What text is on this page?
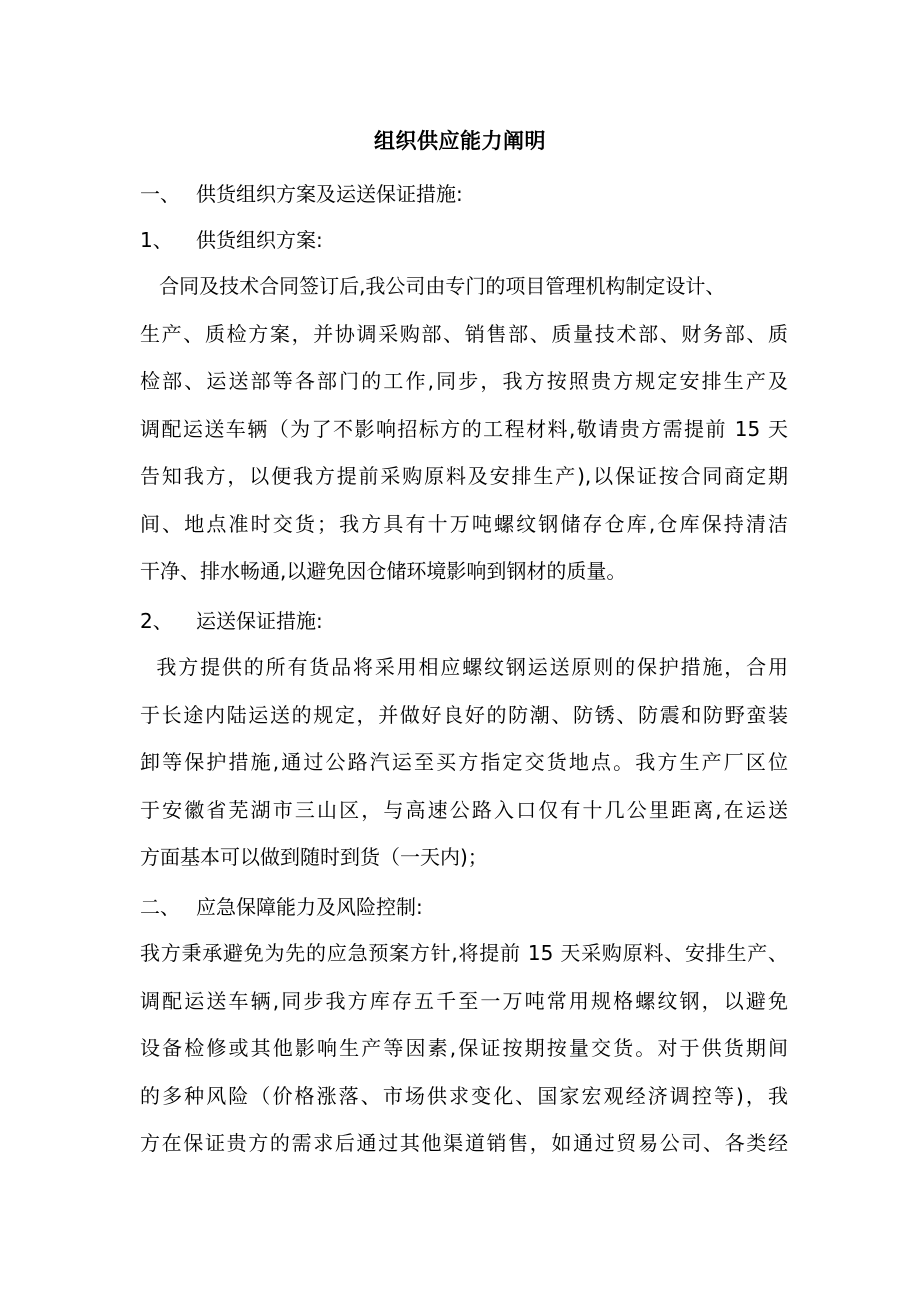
组织供应能力阐明
一、 供货组织方案及运送保证措施:
1、 供货组织方案:
合同及技术合同签订后,我公司由专门的项目管理机构制定设计、
生产、质检方案，并协调采购部、销售部、质量技术部、财务部、质
检部、运送部等各部门的工作,同步，我方按照贵方规定安排生产及
调配运送车辆（为了不影响招标方的工程材料,敬请贵方需提前 15 天
告知我方，以便我方提前采购原料及安排生产),以保证按合同商定期
间、地点准时交货；我方具有十万吨螺纹钢储存仓库,仓库保持清洁
干净、排水畅通,以避免因仓储环境影响到钢材的质量。
2、 运送保证措施:
我方提供的所有货品将采用相应螺纹钢运送原则的保护措施，合用
于长途内陆运送的规定，并做好良好的防潮、防锈、防震和防野蛮装
卸等保护措施,通过公路汽运至买方指定交货地点。我方生产厂区位
于安徽省芜湖市三山区，与高速公路入口仅有十几公里距离,在运送
方面基本可以做到随时到货（一天内)；
二、 应急保障能力及风险控制:
我方秉承避免为先的应急预案方针,将提前 15 天采购原料、安排生产、
调配运送车辆,同步我方库存五千至一万吨常用规格螺纹钢，以避免
设备检修或其他影响生产等因素,保证按期按量交货。对于供货期间
的多种风险（价格涨落、市场供求变化、国家宏观经济调控等)，我
方在保证贵方的需求后通过其他渠道销售，如通过贸易公司、各类经
